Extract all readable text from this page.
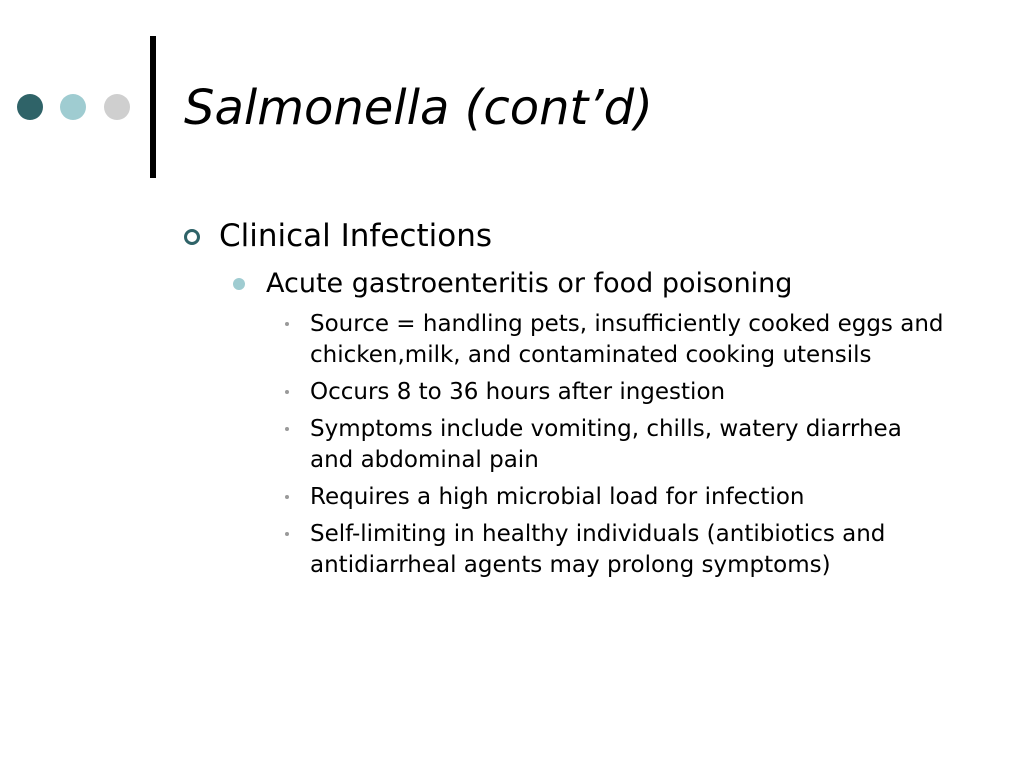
Salmonella (cont’d)
Clinical Infections
Acute gastroenteritis or food poisoning
Source = handling pets, insufficiently cooked eggs and chicken,milk, and contaminated cooking utensils
Occurs 8 to 36 hours after ingestion
Symptoms include vomiting, chills, watery diarrhea and abdominal pain
Requires a high microbial load for infection
Self-limiting in healthy individuals (antibiotics and antidiarrheal agents may prolong symptoms)
